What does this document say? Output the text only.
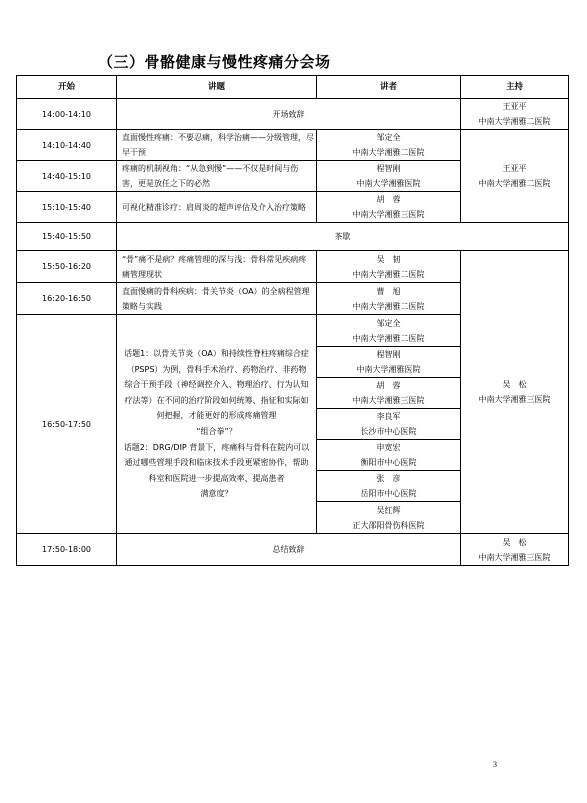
（三）骨骼健康与慢性疼痛分会场
开始	讲题	讲者	主持
14:00-14:10	开场致辞		王亚平
中南大学湘雅二医院

14:10-14:40	直面慢性疼痛：不要忍痛，科学治痛——分级管理，尽早干预	邹定全
中南大学湘雅二医院	王亚平
中南大学湘雅二医院

14:40-15:10	疼痛的机制视角：“从急到慢”——不仅是时间与伤害，更是放任之下的必然	程智刚
中南大学湘雅医院	

15:10-15:40	可视化精准诊疗：肩周炎的超声评估及介入治疗策略	胡　蓉
中南大学湘雅三医院	

15:40-15:50	茶歇		
15:50-16:20	“骨”痛不是病？疼痛管理的深与浅：骨科常见疾病疼痛管理现状	吴　韧
中南大学湘雅二医院	吴　松
中南大学湘雅三医院

16:20-16:50	直面慢痛的骨科疾病：骨关节炎（OA）的全病程管理策略与实践	曹　旭
中南大学湘雅二医院	

16:50-17:50	话题1：以骨关节炎（OA）和持续性脊柱疼痛综合症（PSPS）为例，骨科手术治疗、药物治疗、非药物综合干预手段（神经调控介入、物理治疗、行为认知疗法等）在不同的治疗阶段如何统筹、指征和实际如何把握，才能更好的形成疼痛管理
“组合拳”？
话题2：DRG/DIP 背景下，疼痛科与骨科在院内可以通过哪些管理手段和临床技术手段更紧密协作，帮助科室和医院进一步提高效率、提高患者
满意度？	邹定全
中南大学湘雅二医院	

		程智刚
中南大学湘雅医院	

		胡　蓉
中南大学湘雅三医院	

		李良军
长沙市中心医院	

		申宽宏
衡阳市中心医院	

		张　彦
岳阳市中心医院	

		吴红辉
正大邵阳骨伤科医院	

17:50-18:00	总结致辞		吴　松
中南大学湘雅三医院
3
